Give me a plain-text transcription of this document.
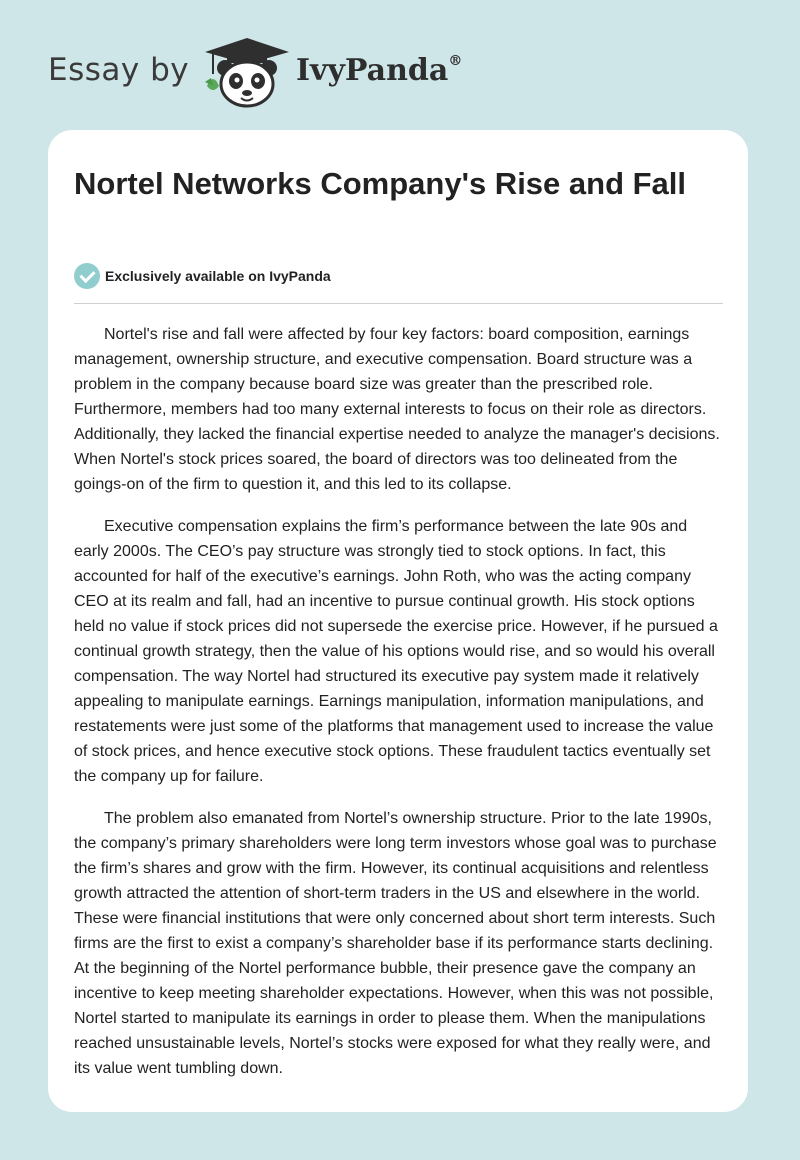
Essay by	IvyPanda®
Nortel Networks Company's Rise and Fall
Exclusively available on IvyPanda

Nortel's rise and fall were affected by four key factors: board composition, earnings management, ownership structure, and executive compensation. Board structure was a problem in the company because board size was greater than the prescribed role. Furthermore, members had too many external interests to focus on their role as directors. Additionally, they lacked the financial expertise needed to analyze the manager's decisions. When Nortel's stock prices soared, the board of directors was too delineated from the goings-on of the firm to question it, and this led to its collapse.

Executive compensation explains the firm’s performance between the late 90s and early 2000s. The CEO’s pay structure was strongly tied to stock options. In fact, this accounted for half of the executive’s earnings. John Roth, who was the acting company CEO at its realm and fall, had an incentive to pursue continual growth. His stock options held no value if stock prices did not supersede the exercise price. However, if he pursued a continual growth strategy, then the value of his options would rise, and so would his overall compensation. The way Nortel had structured its executive pay system made it relatively appealing to manipulate earnings. Earnings manipulation, information manipulations, and restatements were just some of the platforms that management used to increase the value of stock prices, and hence executive stock options. These fraudulent tactics eventually set the company up for failure.

The problem also emanated from Nortel’s ownership structure. Prior to the late 1990s, the company’s primary shareholders were long term investors whose goal was to purchase the firm’s shares and grow with the firm. However, its continual acquisitions and relentless growth attracted the attention of short-term traders in the US and elsewhere in the world. These were financial institutions that were only concerned about short term interests. Such firms are the first to exist a company’s shareholder base if its performance starts declining. At the beginning of the Nortel performance bubble, their presence gave the company an incentive to keep meeting shareholder expectations. However, when this was not possible, Nortel started to manipulate its earnings in order to please them. When the manipulations reached unsustainable levels, Nortel’s stocks were exposed for what they really were, and its value went tumbling down.
